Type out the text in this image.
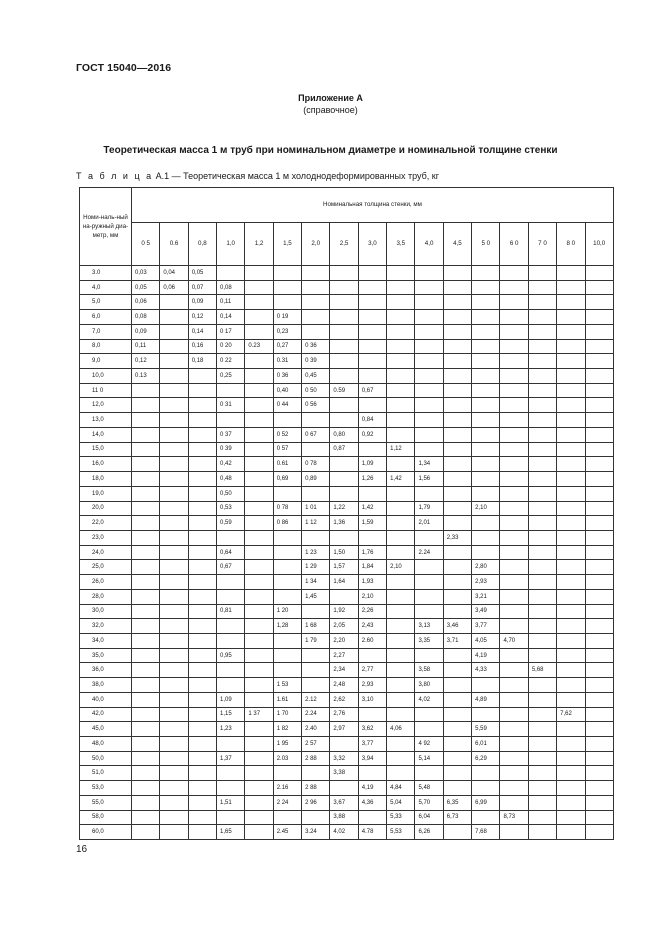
ГОСТ 15040—2016
Приложение А
(справочное)
Теоретическая масса 1 м труб при номинальном диаметре и номинальной толщине стенки
Т а б л и ц а А.1 — Теоретическая масса 1 м холоднодеформированных труб, кг
Номи-наль-ный на-ружный диа-метр, мм	Номинальная толщина стенки, мм																
	0 5	0.6	0,8	1,0	1,2	1,5	2,0	2,5	3,0	3,5	4,0	4,5	5 0	6 0	7 0	8 0	10,0
3.0	0,03	0,04	0,05														
4,0	0,05	0,06	0,07	0,08													
5,0	0,06		0,09	0,11													
6,0	0,08		0,12	0,14		0 19											
7,0	0,09		0,14	0 17		0,23											
8,0	0,11		0,16	0 20	0.23	0,27	0 36										
9,0	0,12		0,18	0 22		0.31	0 39										
10,0	0.13			0,25		0 36	0,45										
11 0						0,40	0 50	0.59	0,67								
12,0				0 31		0 44	0 56										
13,0									0,84								
14,0				0 37		0 52	0 67	0,80	0,92								
15,0				0 39		0 57		0,87		1,12							
16,0				0,42		0.61	0 78		1,09		1,34						
18,0				0,48		0,69	0,89		1,26	1,42	1,56						
19,0				0,50													
20,0				0,53		0 78	1 01	1,22	1,42		1,79		2,10				
22,0				0,59		0 86	1 12	1,36	1,59		2,01						
23,0												2,33					
24,0				0,64			1 23	1,50	1,76		2.24						
25,0				0,67			1 29	1,57	1,84	2,10			2,80				
26,0							1 34	1,64	1,93				2,93				
28,0							1,45		2,10				3,21				
30,0				0,81		1 20		1,92	2,26				3,49				
32,0						1,28	1 68	2,05	2,43		3,13	3,46	3,77				
34,0							1 79	2,20	2.60		3,35	3,71	4,05	4,70			
35,0				0,95				2,27					4,19				
36,0								2,34	2,77		3,58		4,33		5,68		
38,0						1 53		2,48	2,93		3,80						
40,0				1,09		1.61	2.12	2,62	3,10		4,02		4,89				
42,0				1,15	1 37	1 70	2.24	2,76								7,62	
45,0				1,23		1 82	2.40	2,97	3,62	4,06			5,59				
48,0						1 95	2 57		3,77		4 92		6,01				
50,0				1,37		2.03	2 88	3,32	3,94		5,14		6,29				
51,0								3,38									
53,0						2.16	2 88		4,19	4,84	5,48						
55,0				1,51		2 24	2 96	3,67	4,36	5,04	5,70	6,35	6,99				
58,0								3,88		5,33	6,04	6,73		8,73			
60,0				1,65		2.45	3.24	4,02	4.78	5,53	6,26		7,68				
16
